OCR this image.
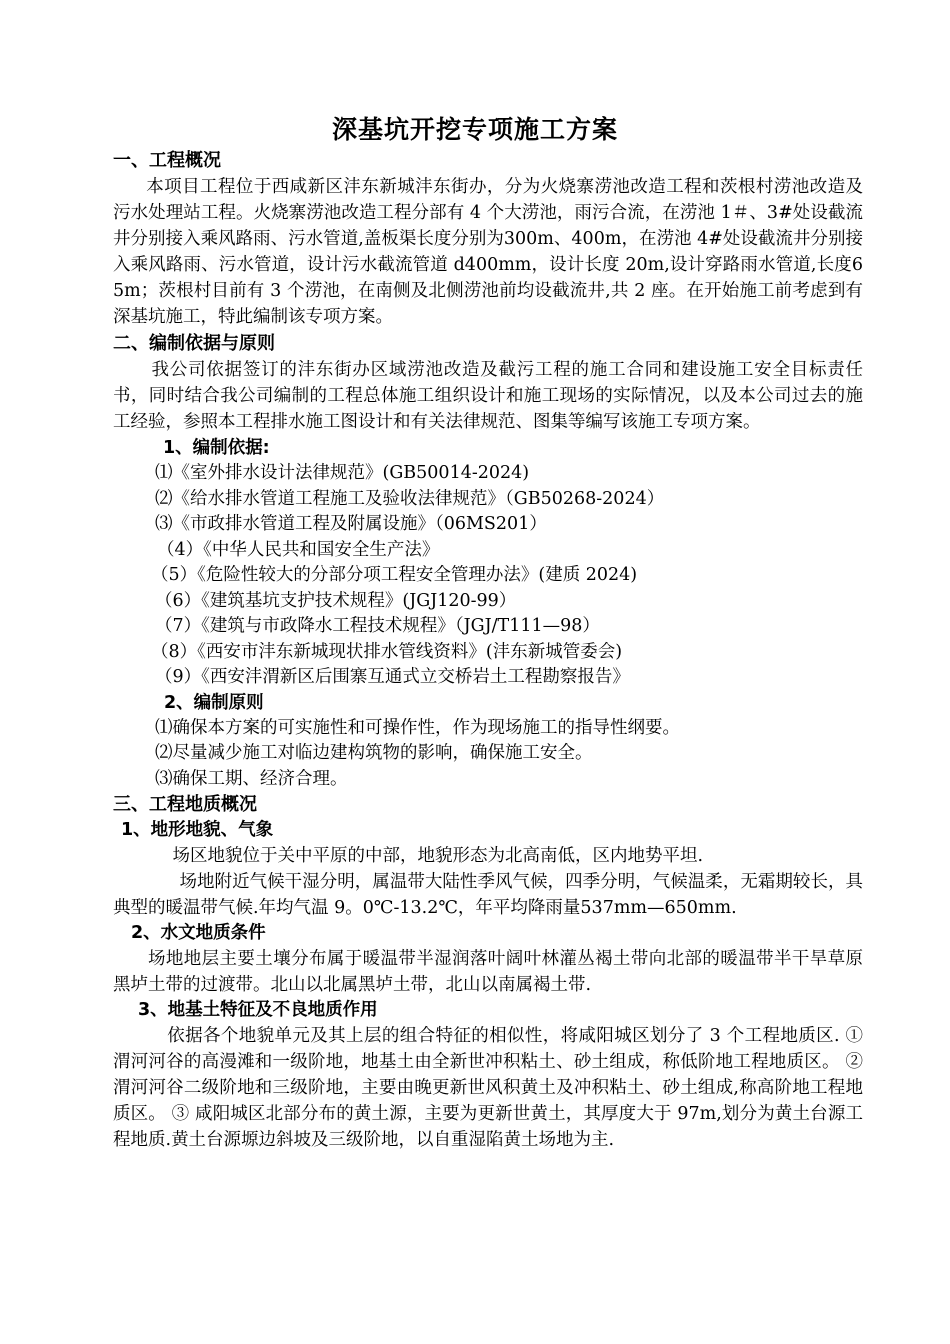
深基坑开挖专项施工方案
一、工程概况

本项目工程位于西咸新区沣东新城沣东街办，分为火烧寨涝池改造工程和茨根村涝池改造及污水处理站工程。火烧寨涝池改造工程分部有 4 个大涝池，雨污合流，在涝池 1＃、3#处设截流井分别接入乘风路雨、污水管道,盖板渠长度分别为300m、400m，在涝池 4#处设截流井分别接入乘风路雨、污水管道，设计污水截流管道 d400mm，设计长度 20m,设计穿路雨水管道,长度65m；茨根村目前有 3 个涝池，在南侧及北侧涝池前均设截流井,共 2 座。在开始施工前考虑到有深基坑施工，特此编制该专项方案。

二、编制依据与原则

我公司依据签订的沣东街办区域涝池改造及截污工程的施工合同和建设施工安全目标责任书，同时结合我公司编制的工程总体施工组织设计和施工现场的实际情况，以及本公司过去的施工经验，参照本工程排水施工图设计和有关法律规范、图集等编写该施工专项方案。

1、编制依据:
⑴《室外排水设计法律规范》(GB50014-2024)
⑵《给水排水管道工程施工及验收法律规范》（GB50268-2024）
⑶《市政排水管道工程及附属设施》（06MS201）
（4）《中华人民共和国安全生产法》
（5）《危险性较大的分部分项工程安全管理办法》(建质 2024)
（6）《建筑基坑支护技术规程》(JGJ120-99）
（7）《建筑与市政降水工程技术规程》（JGJ/T111—98）
（8）《西安市沣东新城现状排水管线资料》(沣东新城管委会)
（9）《西安沣渭新区后围寨互通式立交桥岩土工程勘察报告》
2、编制原则
⑴确保本方案的可实施性和可操作性，作为现场施工的指导性纲要。
⑵尽量减少施工对临边建构筑物的影响，确保施工安全。
⑶确保工期、经济合理。
三、工程地质概况
1、地形地貌、气象

场区地貌位于关中平原的中部，地貌形态为北高南低，区内地势平坦.

场地附近气候干湿分明，属温带大陆性季风气候，四季分明，气候温柔，无霜期较长，具典型的暖温带气候.年均气温 9。0℃-13.2℃，年平均降雨量537mm—650mm.

2、水文地质条件

场地地层主要土壤分布属于暖温带半湿润落叶阔叶林灌丛褐土带向北部的暖温带半干旱草原黑垆土带的过渡带。北山以北属黑垆土带，北山以南属褐土带.

3、地基土特征及不良地质作用

依据各个地貌单元及其上层的组合特征的相似性，将咸阳城区划分了 3 个工程地质区. ① 渭河河谷的高漫滩和一级阶地，地基土由全新世冲积粘土、砂土组成，称低阶地工程地质区。 ② 渭河河谷二级阶地和三级阶地，主要由晚更新世风积黄土及冲积粘土、砂土组成,称高阶地工程地质区。 ③ 咸阳城区北部分布的黄土源，主要为更新世黄土，其厚度大于 97m,划分为黄土台源工程地质.黄土台源塬边斜坡及三级阶地，以自重湿陷黄土场地为主.
